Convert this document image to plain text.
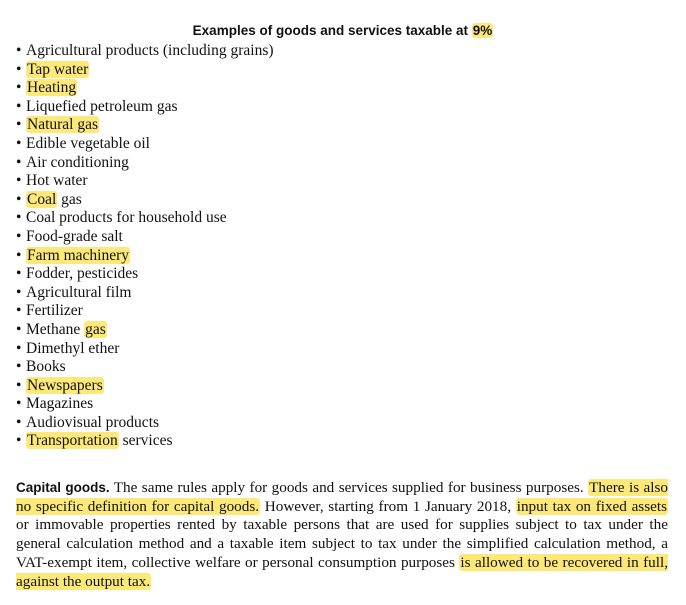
Examples of goods and services taxable at 9%
• Agricultural products (including grains)
• Tap water
• Heating
• Liquefied petroleum gas
• Natural gas
• Edible vegetable oil
• Air conditioning
• Hot water
• Coal gas
• Coal products for household use
• Food-grade salt
• Farm machinery
• Fodder, pesticides
• Agricultural film
• Fertilizer
• Methane gas
• Dimethyl ether
• Books
• Newspapers
• Magazines
• Audiovisual products
• Transportation services
Capital goods. The same rules apply for goods and services supplied for business purposes. There is also no specific definition for capital goods. However, starting from 1 January 2018, input tax on fixed assets or immovable properties rented by taxable persons that are used for supplies subject to tax under the general calculation method and a taxable item subject to tax under the simplified calculation method, a VAT-exempt item, collective welfare or personal consumption purposes is allowed to be recovered in full, against the output tax.
